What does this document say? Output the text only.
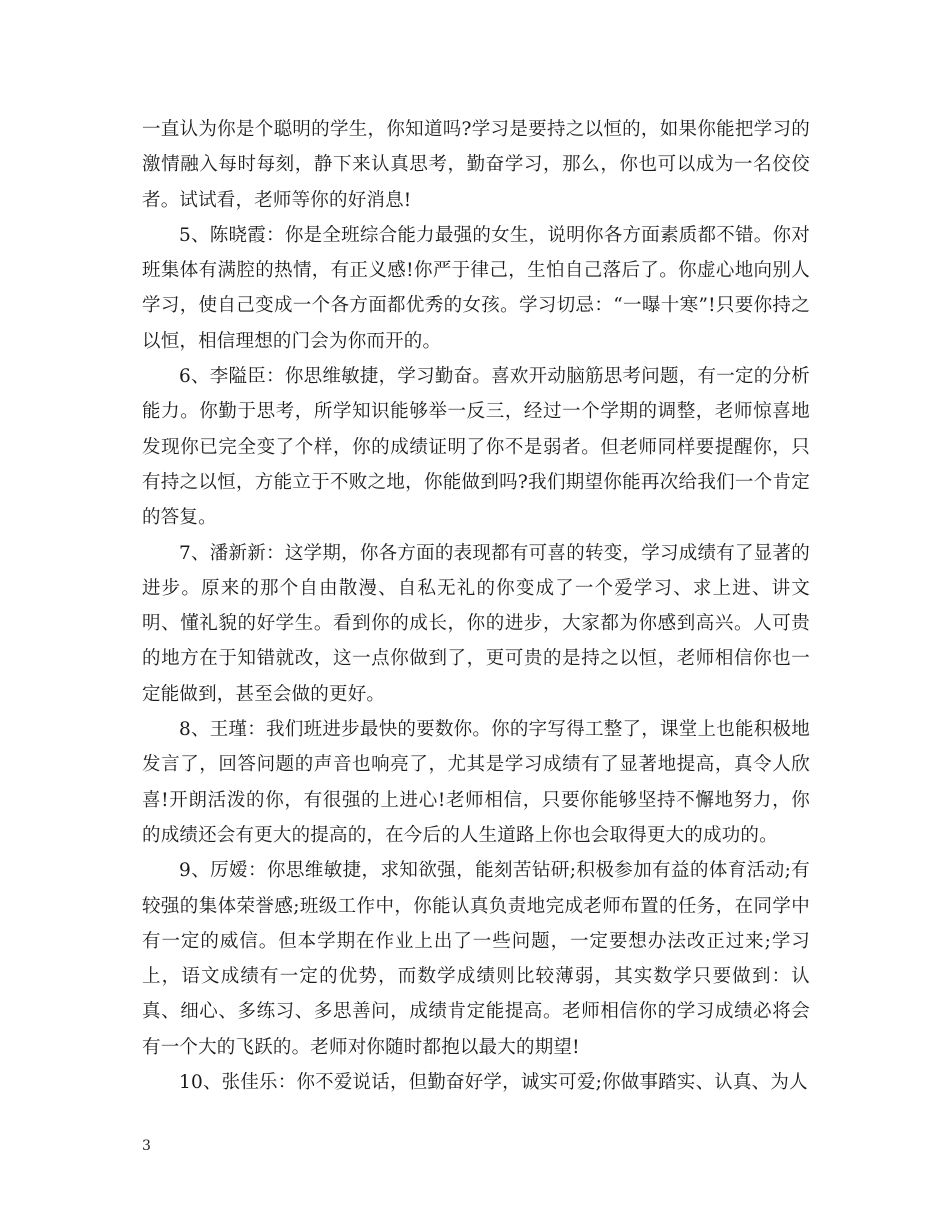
一直认为你是个聪明的学生，你知道吗?学习是要持之以恒的，如果你能把学习的激情融入每时每刻，静下来认真思考，勤奋学习，那么，你也可以成为一名佼佼者。试试看，老师等你的好消息!

5、陈晓霞：你是全班综合能力最强的女生，说明你各方面素质都不错。你对班集体有满腔的热情，有正义感!你严于律己，生怕自己落后了。你虚心地向别人学习，使自己变成一个各方面都优秀的女孩。学习切忌：“一曝十寒”!只要你持之以恒，相信理想的门会为你而开的。

6、李隘臣：你思维敏捷，学习勤奋。喜欢开动脑筋思考问题，有一定的分析能力。你勤于思考，所学知识能够举一反三，经过一个学期的调整，老师惊喜地发现你已完全变了个样，你的成绩证明了你不是弱者。但老师同样要提醒你，只有持之以恒，方能立于不败之地，你能做到吗?我们期望你能再次给我们一个肯定的答复。

7、潘新新：这学期，你各方面的表现都有可喜的转变，学习成绩有了显著的进步。原来的那个自由散漫、自私无礼的你变成了一个爱学习、求上进、讲文明、懂礼貌的好学生。看到你的成长，你的进步，大家都为你感到高兴。人可贵的地方在于知错就改，这一点你做到了，更可贵的是持之以恒，老师相信你也一定能做到，甚至会做的更好。

8、王瑾：我们班进步最快的要数你。你的字写得工整了，课堂上也能积极地发言了，回答问题的声音也响亮了，尤其是学习成绩有了显著地提高，真令人欣喜!开朗活泼的你，有很强的上进心!老师相信，只要你能够坚持不懈地努力，你的成绩还会有更大的提高的，在今后的人生道路上你也会取得更大的成功的。

9、厉嫒：你思维敏捷，求知欲强，能刻苦钻研;积极参加有益的体育活动;有较强的集体荣誉感;班级工作中，你能认真负责地完成老师布置的任务，在同学中有一定的威信。但本学期在作业上出了一些问题，一定要想办法改正过来;学习上，语文成绩有一定的优势，而数学成绩则比较薄弱，其实数学只要做到：认真、细心、多练习、多思善问，成绩肯定能提高。老师相信你的学习成绩必将会有一个大的飞跃的。老师对你随时都抱以最大的期望!

10、张佳乐：你不爱说话，但勤奋好学，诚实可爱;你做事踏实、认真、为人

3
